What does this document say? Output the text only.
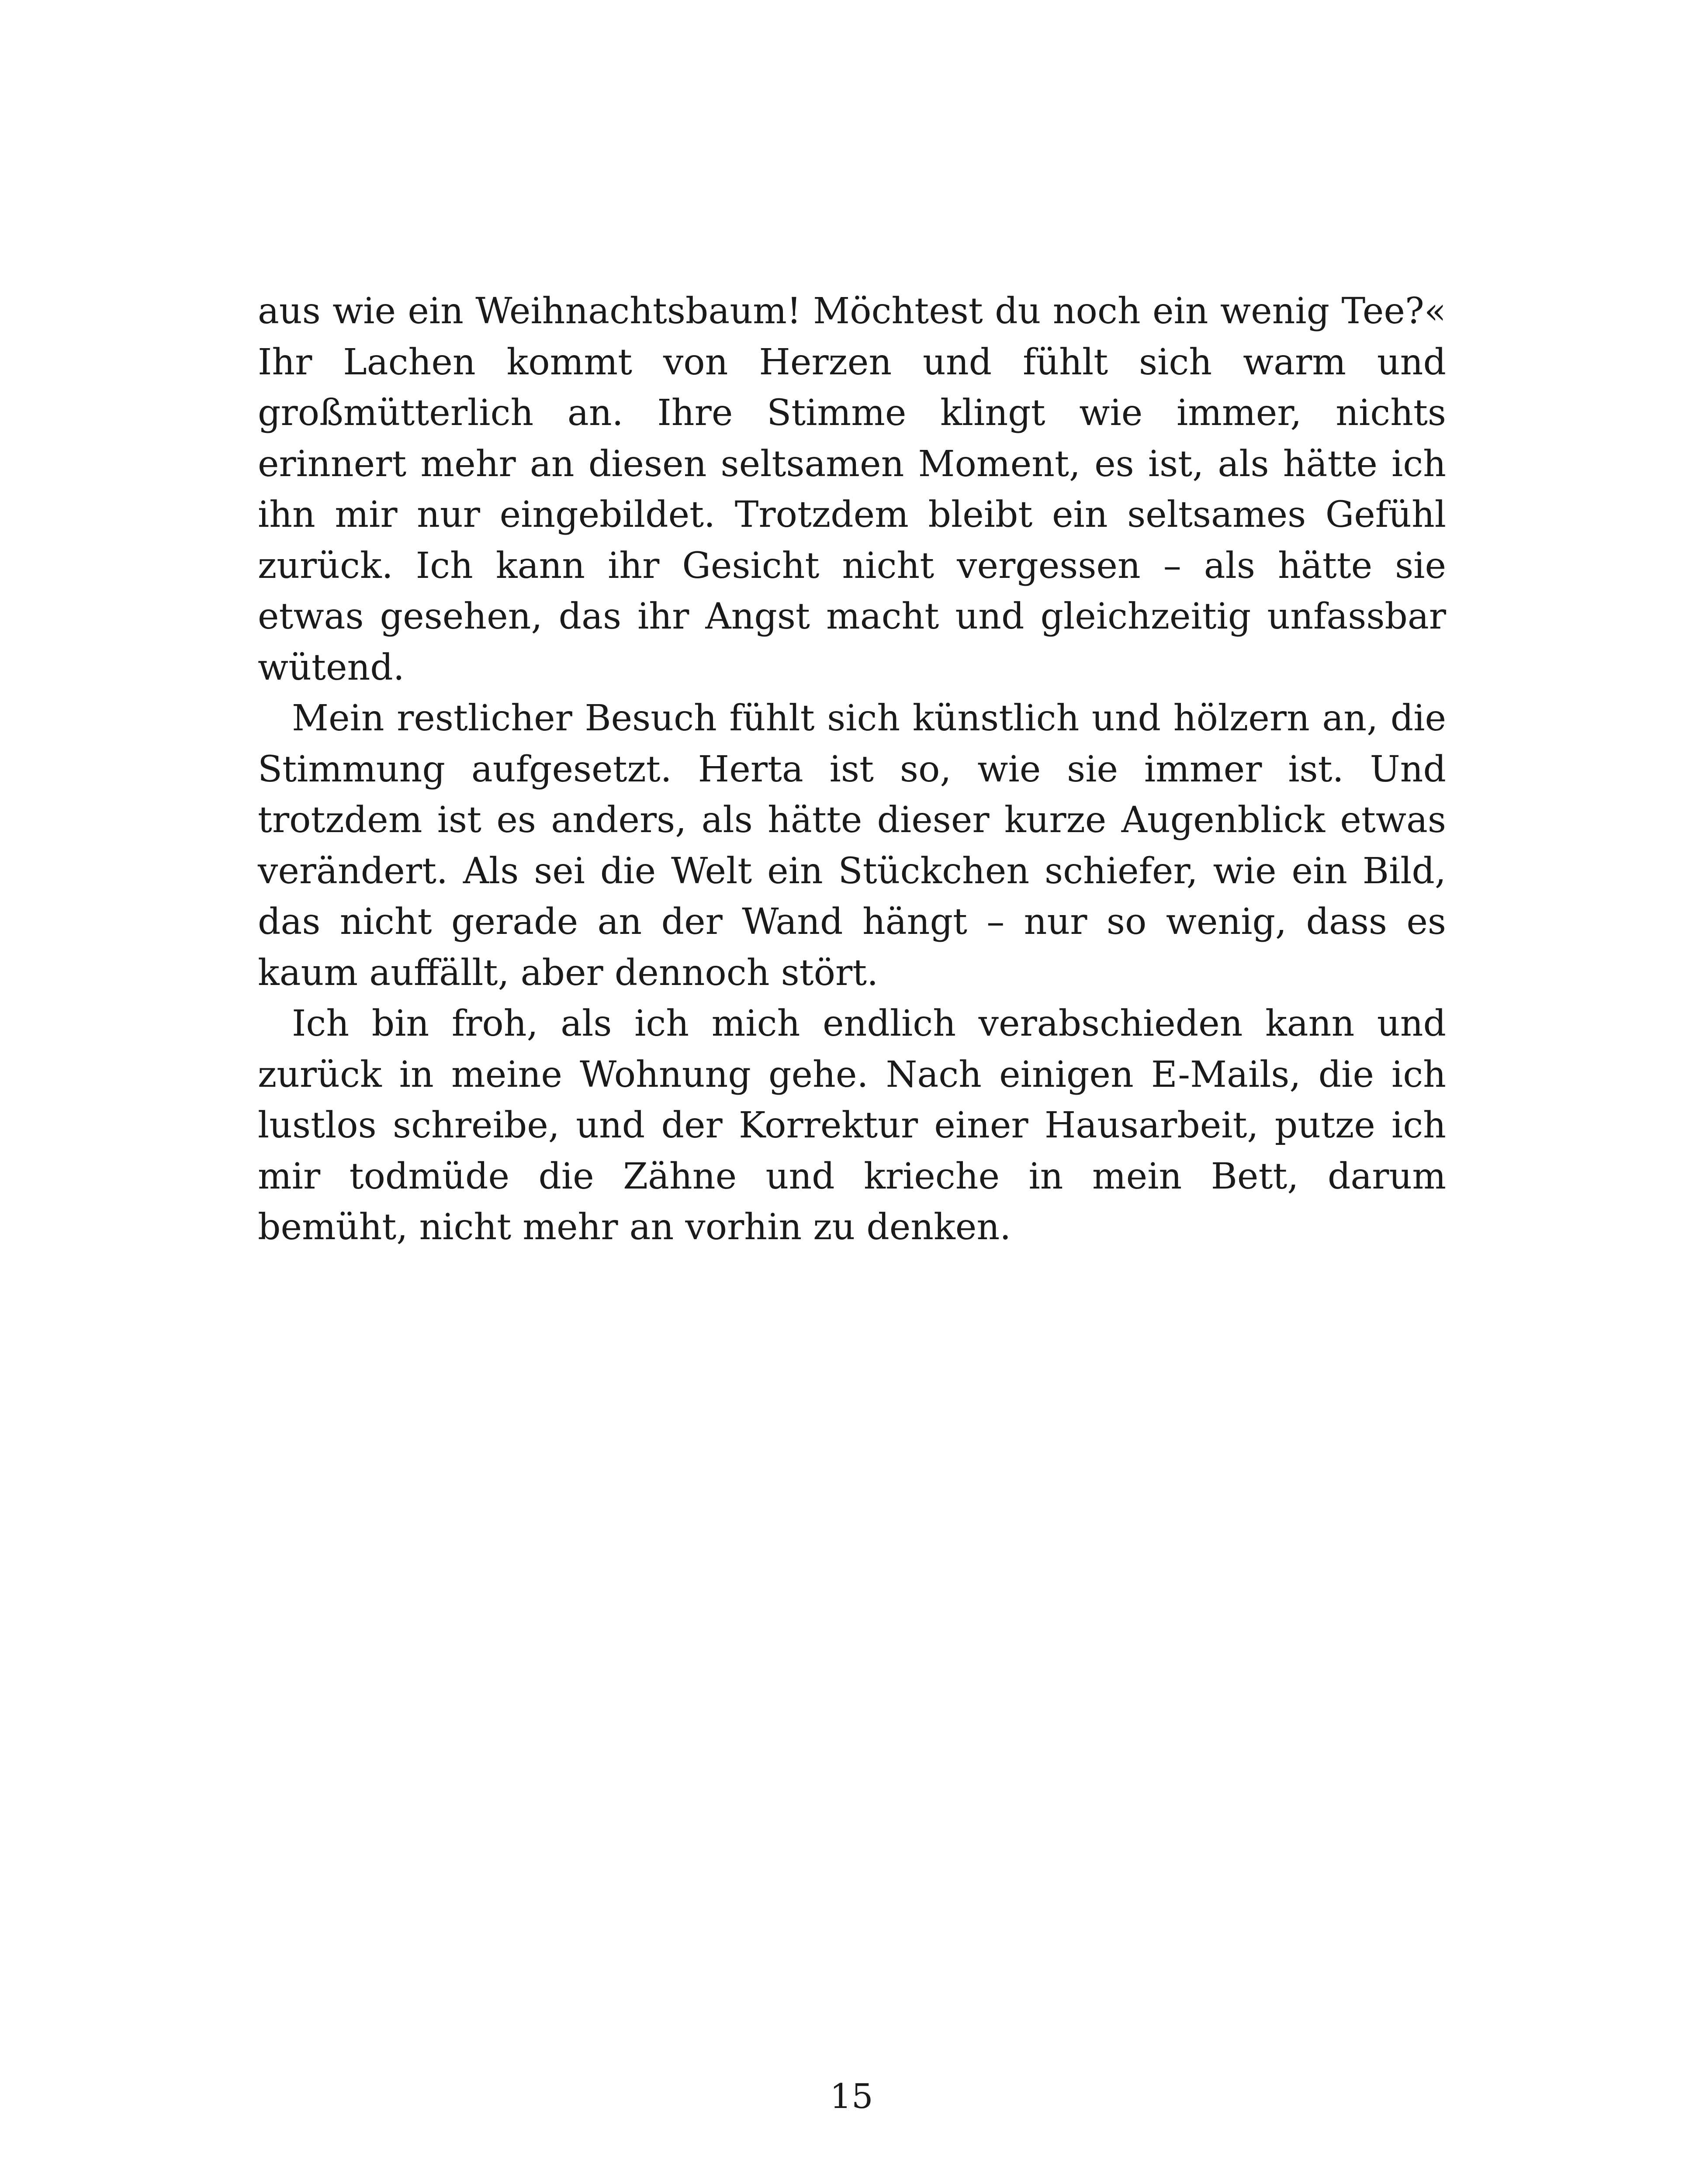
aus wie ein Weihnachtsbaum! Möchtest du noch ein wenig Tee?« Ihr Lachen kommt von Herzen und fühlt sich warm und großmütterlich an. Ihre Stimme klingt wie immer, nichts erinnert mehr an diesen seltsamen Moment, es ist, als hätte ich ihn mir nur eingebildet. Trotzdem bleibt ein seltsames Gefühl zurück. Ich kann ihr Gesicht nicht vergessen – als hätte sie etwas gesehen, das ihr Angst macht und gleichzeitig unfassbar wütend.

Mein restlicher Besuch fühlt sich künstlich und hölzern an, die Stimmung aufgesetzt. Herta ist so, wie sie immer ist. Und trotzdem ist es anders, als hätte dieser kurze Augenblick etwas verändert. Als sei die Welt ein Stückchen schiefer, wie ein Bild, das nicht gerade an der Wand hängt – nur so wenig, dass es kaum auffällt, aber dennoch stört.

Ich bin froh, als ich mich endlich verabschieden kann und zurück in meine Wohnung gehe. Nach einigen E-Mails, die ich lustlos schreibe, und der Korrektur einer Hausarbeit, putze ich mir todmüde die Zähne und krieche in mein Bett, darum bemüht, nicht mehr an vorhin zu denken.

15
